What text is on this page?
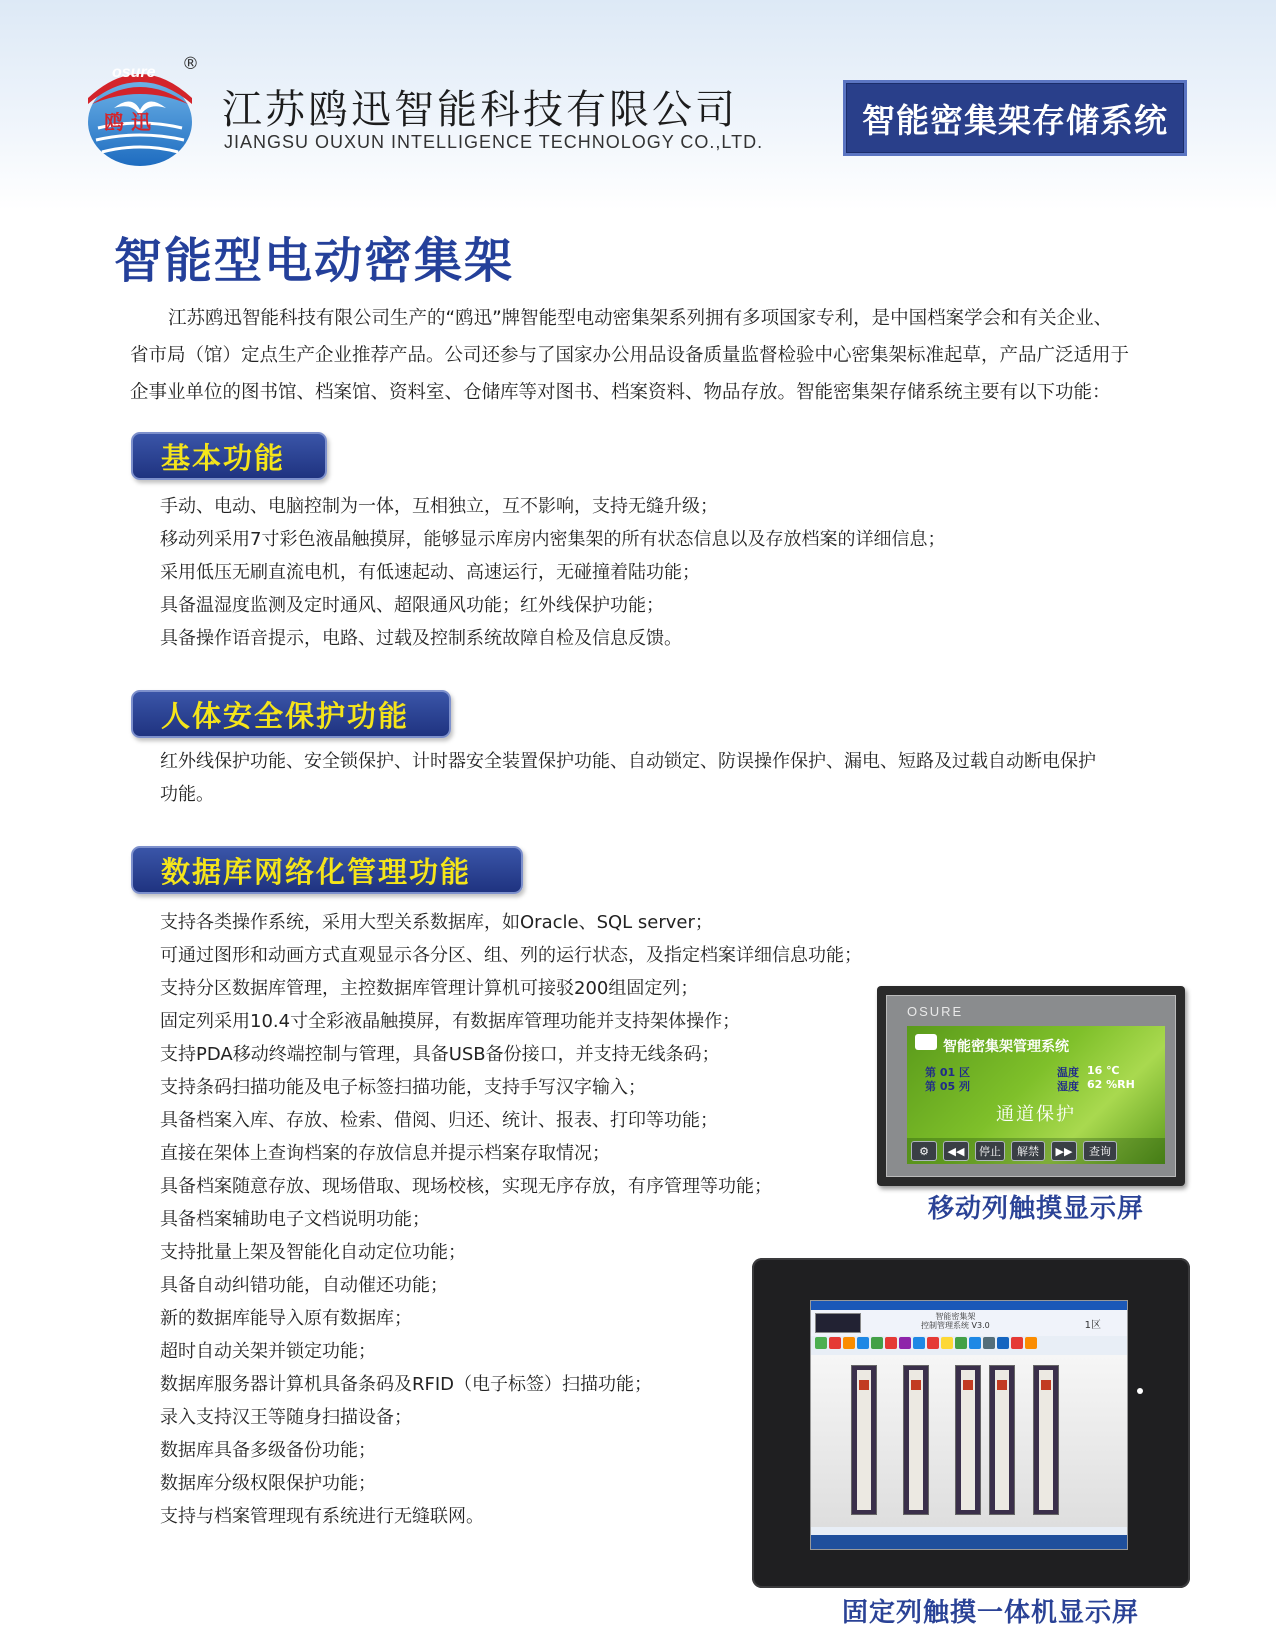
osure
鸥 迅
®
江苏鸥迅智能科技有限公司
JIANGSU OUXUN INTELLIGENCE TECHNOLOGY CO.,LTD.
智能密集架存储系统
智能型电动密集架
江苏鸥迅智能科技有限公司生产的“鸥迅”牌智能型电动密集架系列拥有多项国家专利，是中国档案学会和有关企业、
省市局（馆）定点生产企业推荐产品。公司还参与了国家办公用品设备质量监督检验中心密集架标准起草，产品广泛适用于
企事业单位的图书馆、档案馆、资料室、仓储库等对图书、档案资料、物品存放。智能密集架存储系统主要有以下功能：
基本功能
手动、电动、电脑控制为一体，互相独立，互不影响，支持无缝升级；
移动列采用7寸彩色液晶触摸屏，能够显示库房内密集架的所有状态信息以及存放档案的详细信息；
采用低压无刷直流电机，有低速起动、高速运行，无碰撞着陆功能；
具备温湿度监测及定时通风、超限通风功能；红外线保护功能；
具备操作语音提示，电路、过载及控制系统故障自检及信息反馈。
人体安全保护功能
红外线保护功能、安全锁保护、计时器安全装置保护功能、自动锁定、防误操作保护、漏电、短路及过载自动断电保护
功能。
数据库网络化管理功能
支持各类操作系统，采用大型关系数据库，如Oracle、SQL server；
可通过图形和动画方式直观显示各分区、组、列的运行状态，及指定档案详细信息功能；
支持分区数据库管理，主控数据库管理计算机可接驳200组固定列；
固定列采用10.4寸全彩液晶触摸屏，有数据库管理功能并支持架体操作；
支持PDA移动终端控制与管理，具备USB备份接口，并支持无线条码；
支持条码扫描功能及电子标签扫描功能，支持手写汉字输入；
具备档案入库、存放、检索、借阅、归还、统计、报表、打印等功能；
直接在架体上查询档案的存放信息并提示档案存取情况；
具备档案随意存放、现场借取、现场校核，实现无序存放，有序管理等功能；
具备档案辅助电子文档说明功能；
支持批量上架及智能化自动定位功能；
具备自动纠错功能，自动催还功能；
新的数据库能导入原有数据库；
超时自动关架并锁定功能；
数据库服务器计算机具备条码及RFID（电子标签）扫描功能；
录入支持汉王等随身扫描设备；
数据库具备多级备份功能；
数据库分级权限保护功能；
支持与档案管理现有系统进行无缝联网。
OSURE
智能密集架管理系统
第 01 区
第 05 列
温度 16 ℃
湿度 62 %RH
通道保护
⚙	◀◀	停止	解禁	▶▶	查询
移动列触摸显示屏
智能密集架
控制管理系统 V3.0	1区
固定列触摸一体机显示屏
